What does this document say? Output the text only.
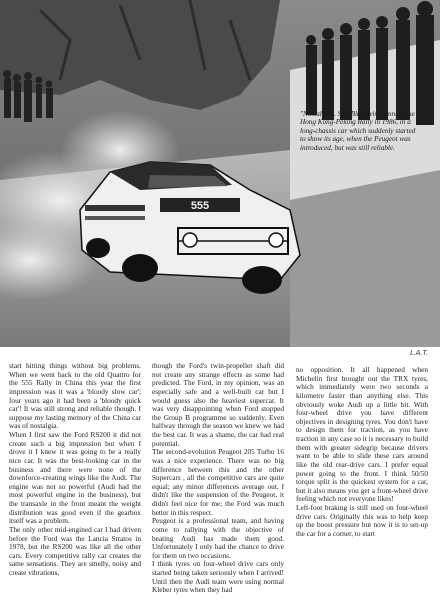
555
"Nostalgia". Stig Blomqvist winning the Hong Kong-Peking Rally in 1986, in a long-chassis car which suddenly started to show its age, when the Peugeot was introduced, but was still reliable.
L.A.T.

start hitting things without big problems. When we went back to the old Quattro for the 555 Rally in China this year the first impression was it was a 'bloody slow car'; four years ago it had been a 'bloody quick car'! It was still strong and reliable though. I suppose my lasting memory of the China car was of nostalgia.

When I first saw the Ford RS200 it did not create such a big impression but when I drove it I knew it was going to be a really nice car. It was the best-looking car in the business and there were none of the downforce-creating wings like the Audi. The engine was not so powerful (Audi had the most powerful engine in the business), but the transaxle in the front meant the weight distribution was good even if the gearbox itself was a problem.

The only other mid-engined car I had driven before the Ford was the Lancia Stratos in 1978, but the RS200 was like all the other cars. Every competitive rally car creates the same sensations. They are smelly, noisy and create vibrations,

though the Ford's twin-propeller shaft did not create any strange effects as some had predicted. The Ford, in my opinion, was an especially safe and a well-built car but I would guess also the heaviest supercar. It was very disappointing when Ford stopped the Group B programme so suddenly. Even halfway through the season we knew we had the best car. It was a shame, the car had real potential.

The second-evolution Peugeot 205 Turbo 16 was a nice experience. There was no big difference between this and the other Supercars , all the competitive cars are quite equal; any minor differences average out. I didn't like the suspension of the Peugeot, it didn't feel nice for me; the Ford was much better in this respect.

Peugeot is a professional team, and having come to rallying with the objective of beating Audi has made them good. Unfortunately I only had the chance to drive for them on two occasions.

I think tyres on four-wheel drive cars only started being taken seriously when I arrived! Until then the Audi team were using normal Kleber tyres when they had

no opposition. It all happened when Michelin first brought out the TRX tyres, which immediately were two seconds a kilometre faster than anything else. This obviously woke Audi up a little bit. With four-wheel drive you have different objectives in designing tyres. You don't have to design them for traction, as you have traction in any case so it is necessary to build them with greater sidegrip because drivers want to be able to slide these cars around like the old rear-drive cars. I prefer equal power going to the front. I think 50/50 torque split is the quickest system for a car, but it also means you get a front-wheel drive feeling which not everyone likes!

Left-foot braking is still used on four-wheel drive cars. Originally this was to help keep up the boost pressure but now it is to set-up the car for a corner, to start
